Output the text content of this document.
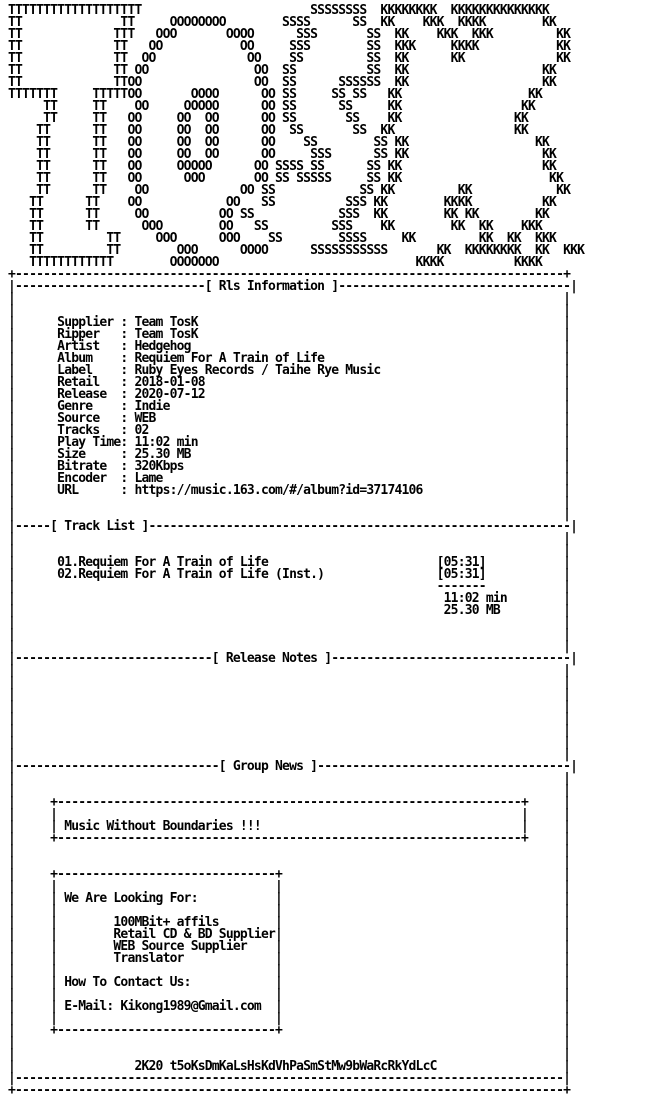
TTTTTTTTTTTTTTTTTTT                        SSSSSSSS  KKKKKKKK  KKKKKKKKKKKKKK
TT              TT     OOOOOOOO        SSSS      SS  KK    KKK  KKKK        KK
TT             TTT   OOO       OOOO      SSS       SS  KK    KKK  KKK         KK
TT             TT   OO           OO     SSS        SS  KKK     KKKK           KK
TT             TT  OO             OO    SS         SS  KK      KK             KK
TT             TT OO               OO  SS          SS  KK                   KK
TT             TTOO                OO  SS      SSSSSS  KK                   KK
TTTTTTT     TTTTTOO       OOOO      OO SS     SS SS   KK                  KK
TT     TT    OO     OOOOO      OO SS      SS     KK                 KK
TT     TT   OO     OO  OO      OO SS       SS    KK                KK
TT      TT   OO     OO  OO      OO  SS       SS  KK                 KK
TT      TT   OO     OO  OO      OO    SS        SS KK                  KK
TT      TT   OO     OO  OO      OO     SSS      SS KK                   KK
TT      TT   OO     OOOOO      OO SSSS SS      SS KK                    KK
TT      TT   OO      OOO       OO SS SSSSS     SS KK                     KK
TT      TT    OO             OO SS            SS KK         KK            KK
TT      TT    OO            OO   SS          SSS KK        KKKK          KK
TT      TT     OO          OO SS            SSS  KK        KK KK        KK
TT      TT      OOO        OO   SS         SSS    KK        KK  KK    KKK
TT         TT     OOO      OOO    SS        SSSS     KK         KK  KK  KKK
TT         TT        OOO      OOOO      SSSSSSSSSSS       KK  KKKKKKKK  KK  KKK
TTTTTTTTTTTT        OOOOOOO                            KKKK          KKKK
+------------------------------------------------------------------------------+
|---------------------------[ Rls Information ]---------------------------------|
|                                                                              |
|                                                                              |
|      Supplier : Team TosK                                                    |
|      Ripper   : Team TosK                                                    |
|      Artist   : Hedgehog                                                     |
|      Album    : Requiem For A Train of Life                                  |
|      Label    : Ruby Eyes Records / Taihe Rye Music                          |
|      Retail   : 2018-01-08                                                   |
|      Release  : 2020-07-12                                                   |
|      Genre    : Indie                                                        |
|      Source   : WEB                                                          |
|      Tracks   : 02                                                           |
|      Play Time: 11:02 min                                                    |
|      Size     : 25.30 MB                                                     |
|      Bitrate  : 320Kbps                                                      |
|      Encoder  : Lame                                                         |
|      URL      : https://music.163.com/#/album?id=37174106                    |
|                                                                              |
|                                                                              |
|-----[ Track List ]------------------------------------------------------------|
|                                                                              |
|                                                                              |
|      01.Requiem For A Train of Life                        [05:31]           |
|      02.Requiem For A Train of Life (Inst.)                [05:31]           |
|                                                            -------           |
|                                                             11:02 min        |
|                                                             25.30 MB         |
|                                                                              |
|                                                                              |
|                                                                              |
|----------------------------[ Release Notes ]----------------------------------|
|                                                                              |
|                                                                              |
|                                                                              |
|                                                                              |
|                                                                              |
|                                                                              |
|                                                                              |
|                                                                              |
|-----------------------------[ Group News ]------------------------------------|
|                                                                              |
|                                                                              |
|     +------------------------------------------------------------------+     |
|     |                                                                  |     |
|     | Music Without Boundaries !!!                                     |     |
|     +------------------------------------------------------------------+     |
|                                                                              |
|                                                                              |
|     +-------------------------------+                                        |
|     |                               |                                        |
|     | We Are Looking For:           |                                        |
|     |                               |                                        |
|     |        100MBit+ affils        |                                        |
|     |        Retail CD & BD Supplier|                                        |
|     |        WEB Source Supplier    |                                        |
|     |        Translator             |                                        |
|     |                               |                                        |
|     | How To Contact Us:            |                                        |
|     |                               |                                        |
|     | E-Mail: Kikong1989@Gmail.com  |                                        |
|     |                               |                                        |
|     +-------------------------------+                                        |
|                                                                              |
|                                                                              |
|                 2K20 t5oKsDmKaLsHsKdVhPaSmStMw9bWaRcRkYdLcC                  |
|------------------------------------------------------------------------------|
+------------------------------------------------------------------------------+
